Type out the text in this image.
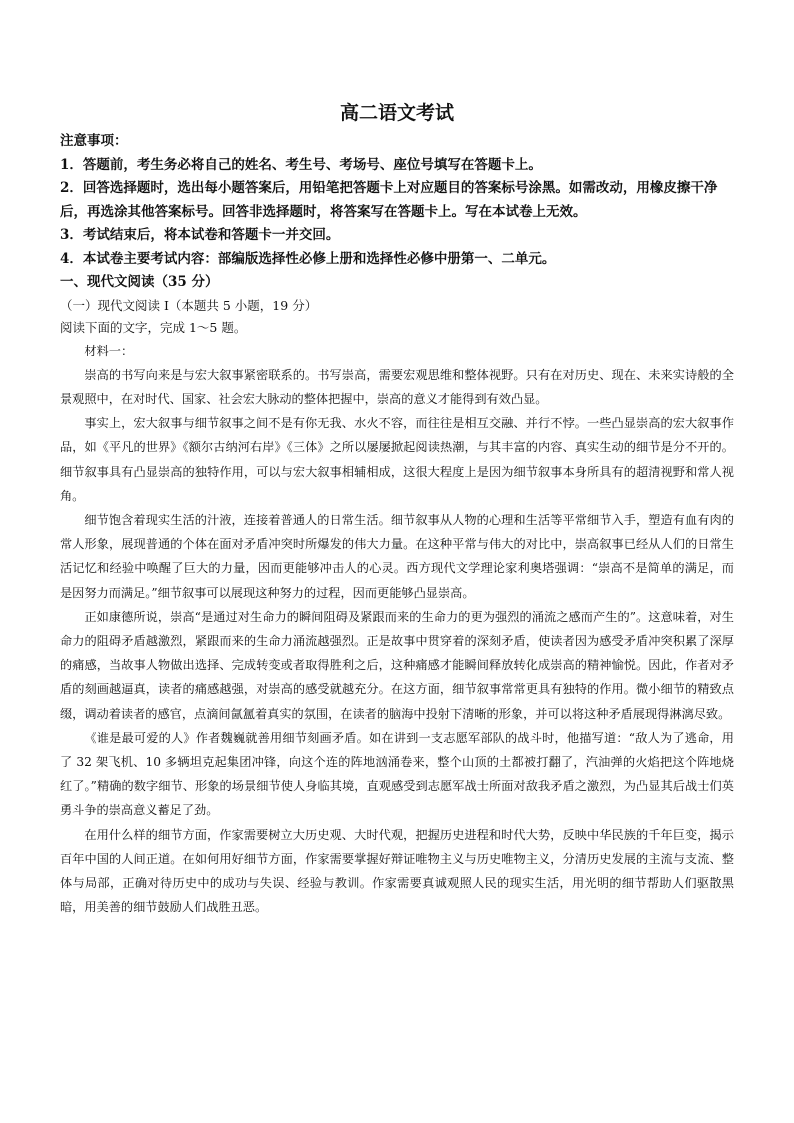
高二语文考试
注意事项：
1．答题前，考生务必将自己的姓名、考生号、考场号、座位号填写在答题卡上。
2．回答选择题时，选出每小题答案后，用铅笔把答题卡上对应题目的答案标号涂黑。如需改动，用橡皮擦干净后，再选涂其他答案标号。回答非选择题时，将答案写在答题卡上。写在本试卷上无效。
3．考试结束后，将本试卷和答题卡一并交回。
4．本试卷主要考试内容：部编版选择性必修上册和选择性必修中册第一、二单元。
一、现代文阅读（35 分）
（一）现代文阅读 I（本题共 5 小题，19 分）
阅读下面的文字，完成 1～5 题。

材料一：

崇高的书写向来是与宏大叙事紧密联系的。书写崇高，需要宏观思维和整体视野。只有在对历史、现在、未来实诗般的全景观照中，在对时代、国家、社会宏大脉动的整体把握中，崇高的意义才能得到有效凸显。

事实上，宏大叙事与细节叙事之间不是有你无我、水火不容，而往往是相互交融、并行不悖。一些凸显崇高的宏大叙事作品，如《平凡的世界》《额尔古纳河右岸》《三体》之所以屡屡掀起阅读热潮，与其丰富的内容、真实生动的细节是分不开的。细节叙事具有凸显崇高的独特作用，可以与宏大叙事相辅相成，这很大程度上是因为细节叙事本身所具有的超清视野和常人视角。

细节饱含着现实生活的汁液，连接着普通人的日常生活。细节叙事从人物的心理和生活等平常细节入手，塑造有血有肉的常人形象，展现普通的个体在面对矛盾冲突时所爆发的伟大力量。在这种平常与伟大的对比中，崇高叙事已经从人们的日常生活记忆和经验中唤醒了巨大的力量，因而更能够冲击人的心灵。西方现代文学理论家利奥塔强调：“崇高不是简单的满足，而是因努力而满足。”细节叙事可以展现这种努力的过程，因而更能够凸显崇高。

正如康德所说，崇高“是通过对生命力的瞬间阻碍及紧跟而来的生命力的更为强烈的涌流之感而产生的”。这意味着，对生命力的阻碍矛盾越激烈，紧跟而来的生命力涌流越强烈。正是故事中贯穿着的深刻矛盾，使读者因为感受矛盾冲突积累了深厚的痛感，当故事人物做出选择、完成转变或者取得胜利之后，这种痛感才能瞬间释放转化成崇高的精神愉悦。因此，作者对矛盾的刻画越逼真，读者的痛感越强，对崇高的感受就越充分。在这方面，细节叙事常常更具有独特的作用。微小细节的精致点缀，调动着读者的感官，点滴间氤氲着真实的氛围，在读者的脑海中投射下清晰的形象，并可以将这种矛盾展现得淋漓尽致。

《谁是最可爱的人》作者魏巍就善用细节刻画矛盾。如在讲到一支志愿军部队的战斗时，他描写道：“敌人为了逃命，用了 32 架飞机、10 多辆坦克起集团冲锋，向这个连的阵地汹涌卷来，整个山顶的土都被打翻了，汽油弹的火焰把这个阵地烧红了。”精确的数字细节、形象的场景细节使人身临其境，直观感受到志愿军战士所面对敌我矛盾之激烈，为凸显其后战士们英勇斗争的崇高意义蓄足了劲。

在用什么样的细节方面，作家需要树立大历史观、大时代观，把握历史进程和时代大势，反映中华民族的千年巨变，揭示百年中国的人间正道。在如何用好细节方面，作家需要掌握好辩证唯物主义与历史唯物主义，分清历史发展的主流与支流、整体与局部，正确对待历史中的成功与失误、经验与教训。作家需要真诚观照人民的现实生活，用光明的细节帮助人们驱散黑暗，用美善的细节鼓励人们战胜丑恶。
